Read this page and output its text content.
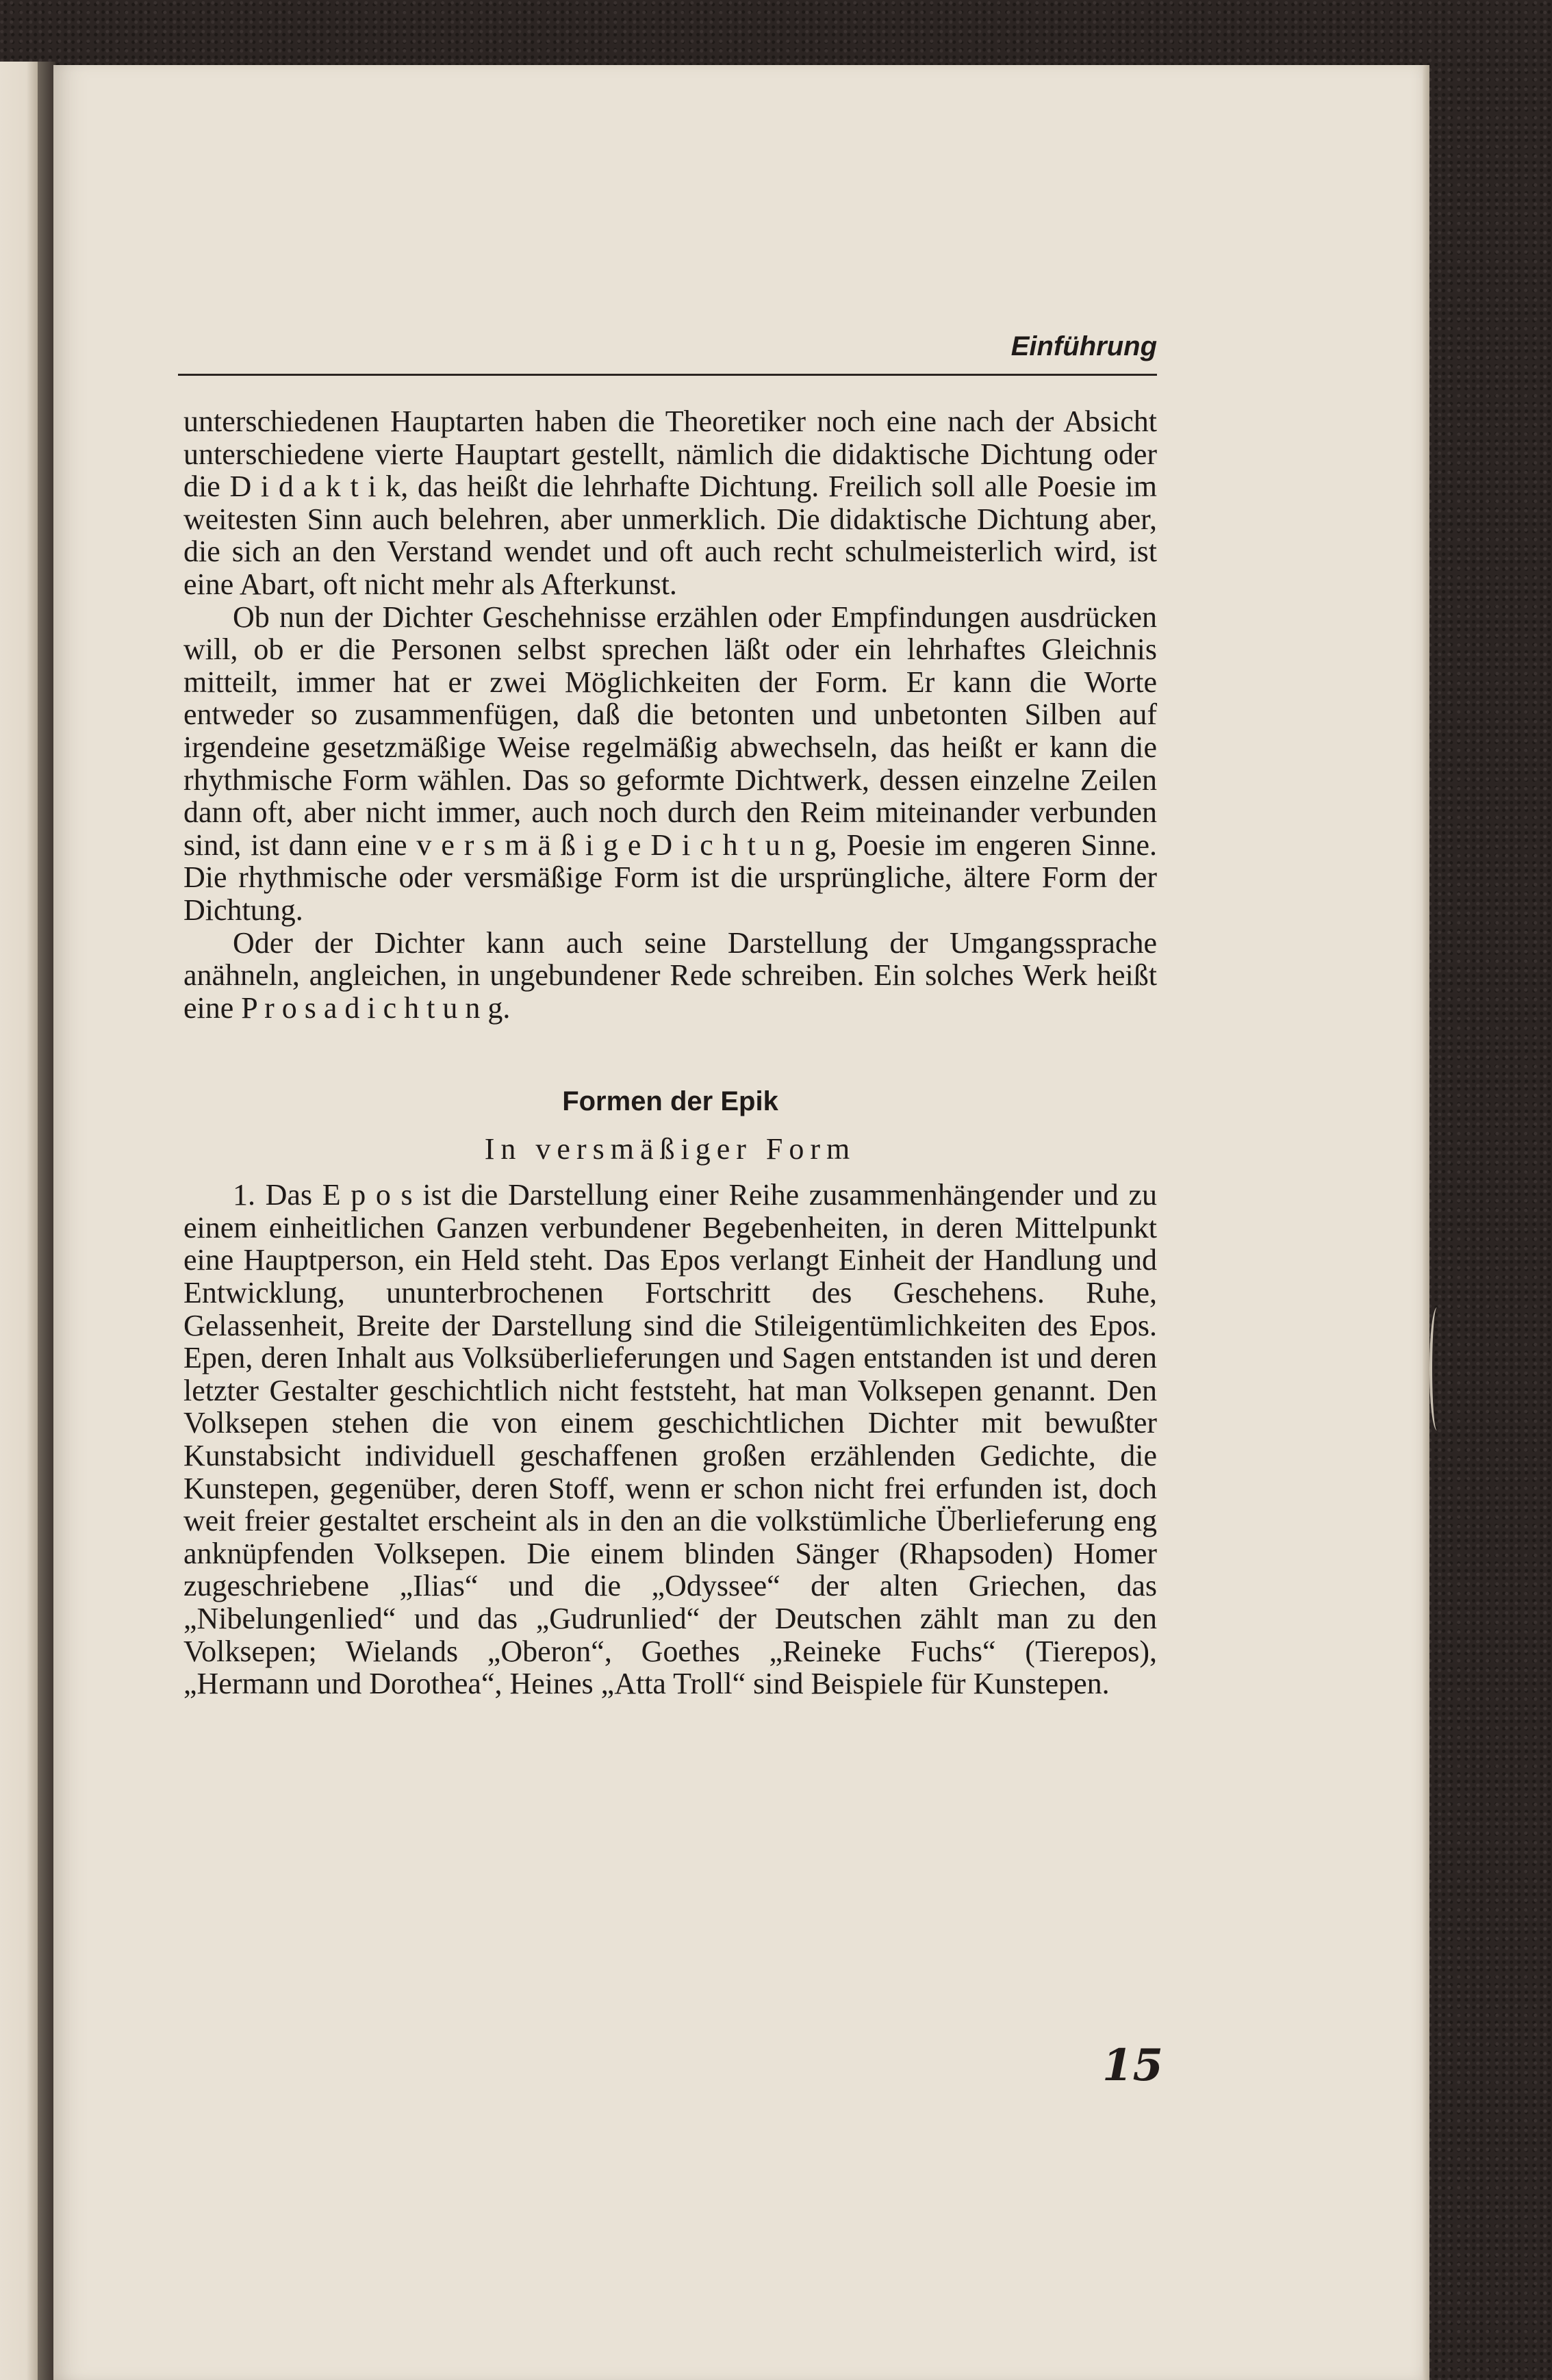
Einführung

unterschiedenen Hauptarten haben die Theoretiker noch eine nach der Absicht unterschiedene vierte Hauptart gestellt, nämlich die didaktische Dichtung oder die D i d a k t i k, das heißt die lehrhafte Dichtung. Freilich soll alle Poesie im weitesten Sinn auch belehren, aber unmerklich. Die didaktische Dichtung aber, die sich an den Verstand wendet und oft auch recht schulmeisterlich wird, ist eine Abart, oft nicht mehr als Afterkunst.

Ob nun der Dichter Geschehnisse erzählen oder Empfindungen ausdrücken will, ob er die Personen selbst sprechen läßt oder ein lehrhaftes Gleichnis mitteilt, immer hat er zwei Möglichkeiten der Form. Er kann die Worte entweder so zusammenfügen, daß die betonten und unbetonten Silben auf irgendeine gesetzmäßige Weise regelmäßig abwechseln, das heißt er kann die rhythmische Form wählen. Das so geformte Dichtwerk, dessen einzelne Zeilen dann oft, aber nicht immer, auch noch durch den Reim miteinander verbunden sind, ist dann eine v e r s m ä ß i g e D i c h t u n g, Poesie im engeren Sinne. Die rhythmische oder versmäßige Form ist die ursprüngliche, ältere Form der Dichtung.

Oder der Dichter kann auch seine Darstellung der Umgangssprache anähneln, angleichen, in ungebundener Rede schreiben. Ein solches Werk heißt eine P r o s a d i c h t u n g.

Formen der Epik
In versmäßiger Form

1. Das E p o s ist die Darstellung einer Reihe zusammenhängender und zu einem einheitlichen Ganzen verbundener Begebenheiten, in deren Mittelpunkt eine Hauptperson, ein Held steht. Das Epos verlangt Einheit der Handlung und Entwicklung, ununterbrochenen Fortschritt des Geschehens. Ruhe, Gelassenheit, Breite der Darstellung sind die Stileigentümlichkeiten des Epos. Epen, deren Inhalt aus Volksüberlieferungen und Sagen entstanden ist und deren letzter Gestalter geschichtlich nicht feststeht, hat man Volksepen genannt. Den Volksepen stehen die von einem geschichtlichen Dichter mit bewußter Kunstabsicht individuell geschaffenen großen erzählenden Gedichte, die Kunstepen, gegenüber, deren Stoff, wenn er schon nicht frei erfunden ist, doch weit freier gestaltet erscheint als in den an die volkstümliche Überlieferung eng anknüpfenden Volksepen. Die einem blinden Sänger (Rhapsoden) Homer zugeschriebene „Ilias“ und die „Odyssee“ der alten Griechen, das „Nibelungenlied“ und das „Gudrunlied“ der Deutschen zählt man zu den Volksepen; Wielands „Oberon“, Goethes „Reineke Fuchs“ (Tierepos), „Hermann und Dorothea“, Heines „Atta Troll“ sind Beispiele für Kunstepen.

15
